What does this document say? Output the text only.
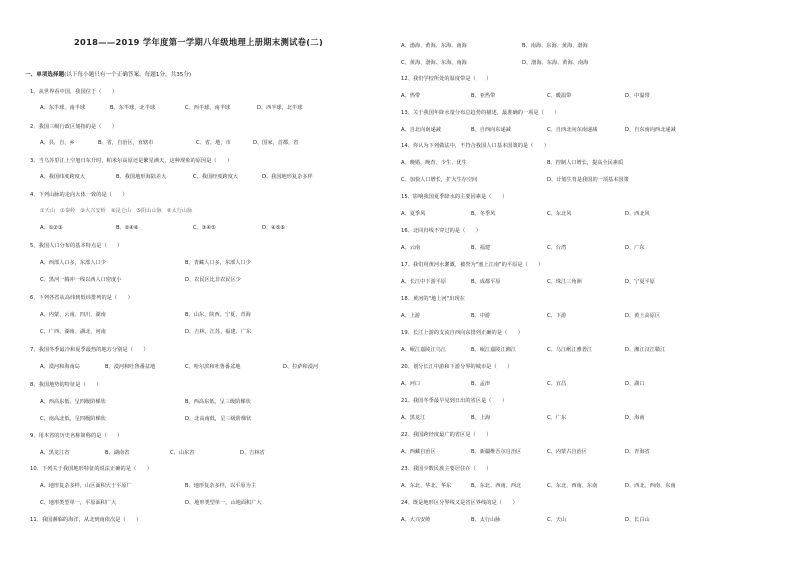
2018——2019 学年度第一学期八年级地理上册期末测试卷(二)
一、单项选择题(以下每小题只有一个正确答案，每题1分，共35分)
1、从世界看中国，我国位于（　　）
A、东半球，南半球	B、东半球，北半球	C、西半球，南半球	D、西半球，北半球
2、我国三级行政区划指的是（　　）
A、县，自，乡	B、省，自治区，直辖市	C、省，地，市	D、国家，首都，省
3、当乌苏里江上空旭日东升时，帕米尔高原还是繁星满天，这种现象的原因是（　　）
A、我国纬度跨度大	B、我国地形海陆差大	C、我国经度跨度大	D、我国地形复杂多样
4、下列山脉的走向大体一致的是（　　）
①天山　②秦岭　③大兴安岭　④昆仑山　⑤阴山山脉　⑥太行山脉
A、①②③	B、②④⑥	C、③④⑤	D、④⑤⑥
5、我国人口分布的基本特点是（　　）
A、西部人口多，东部人口少	B、青藏人口多，东部人口少
C、黑河一腾冲一线以西人口密度小	D、农民区比非农民区少
6、下列各省从高纬到低纬排列的是（　　）
A、内蒙、云南、四川、湖南	B、山东、陕西、宁夏、青海
C、广西、湖南、湖北、河南	D、吉林、江苏、福建、广东
7、我国冬季最冷和夏季最热的地方分别是（　　）
A、漠河和海南岛	B、漠河和吐鲁番盆地	C、哈尔滨和吐鲁番盆地	D、拉萨和漠河
8、我国地势的特征是（　　）
A、西高东低，呈四级阶梯状	B、西高东低，呈三级阶梯状
C、南高北低，呈四级阶梯状	D、北高南低，呈三级阶梯状
9、用本省的历史名称简称的是（　　）
A、黑龙江省	B、湖南省	C、山东省	D、吉林省
10、下列关于我国地形特征的说法正确的是（　　）
A、地形复杂多样，山区面积大于平原广	B、地形复杂多样，以平原为主
C、地形类型单一，平原面积广大	D、地形类型单一，山地面积广大
11、我国濒临的海洋，从北到南依次是（　　）
A、渤海、黄海、东海、南海	B、南海、东海、黄海、渤海
C、黄海、渤海、东海、南海	D、渤海、东海、黄海、南海
12、我们学校所处的温度带是（　　）
A、热带	B、亚热带	C、暖温带	D、中温带
13、关于我国年降水量分布总趋势的描述，最准确的一项是（　　）
A、自北向南递减	B、自西向东递减	C、自西北向东南递减	D、自东南向西北递减
14、你认为下列做法中，不符合我国人口基本国策的是（　　）
A、晚婚、晚育、少生、优生	B、控制人口增长，提高全民素质
C、加快人口增长，扩大生存空间	D、计划生育是我国的一项基本国策
15、影响我国夏季降水的主要因素是（　　）
A、夏季风	B、冬季风	C、东北风	D、西北风
16、北回归线不穿过的是（　　）
A、云南	B、福建	C、台湾	D、广东
17、我们用黄河水灌溉，被誉为"塞上江南"的平原是（　　）
A、长江中下游平原	B、成都平原	C、珠江三角洲	D、宁夏平原
18、黄河的"地上河"出现在
A、上游	B、中游	C、下游	D、黄土高原区
19、长江上游的支流自西向东排列正确的是（　　）
A、岷江嘉陵江乌江	B、岷江嘉陵江湘江	C、乌江岷江雅砻江	D、湘江汉江赣江
20、划分长江中游和下游分界的城市是（　　）
A、河口	B、孟津	C、宜昌	D、湖口
21、我国冬季最早见到日出的省区是（　　）
A、黑龙江	B、上海	C、广东	D、海南
22、我国跨经度最广的省区是（　　）
A、西藏自治区	B、新疆维吾尔自治区	C、内蒙古自治区	D、青海省
23、我国少数民族主要居住在（　　）
A、东北、华北、华东	B、东北、西南、西北	C、东北、西南、东南	D、西北、西南、东南
24、既是地形区分界线又是省区界线的是（　　）
A、大兴安岭	B、太行山脉	C、天山	D、长白山
